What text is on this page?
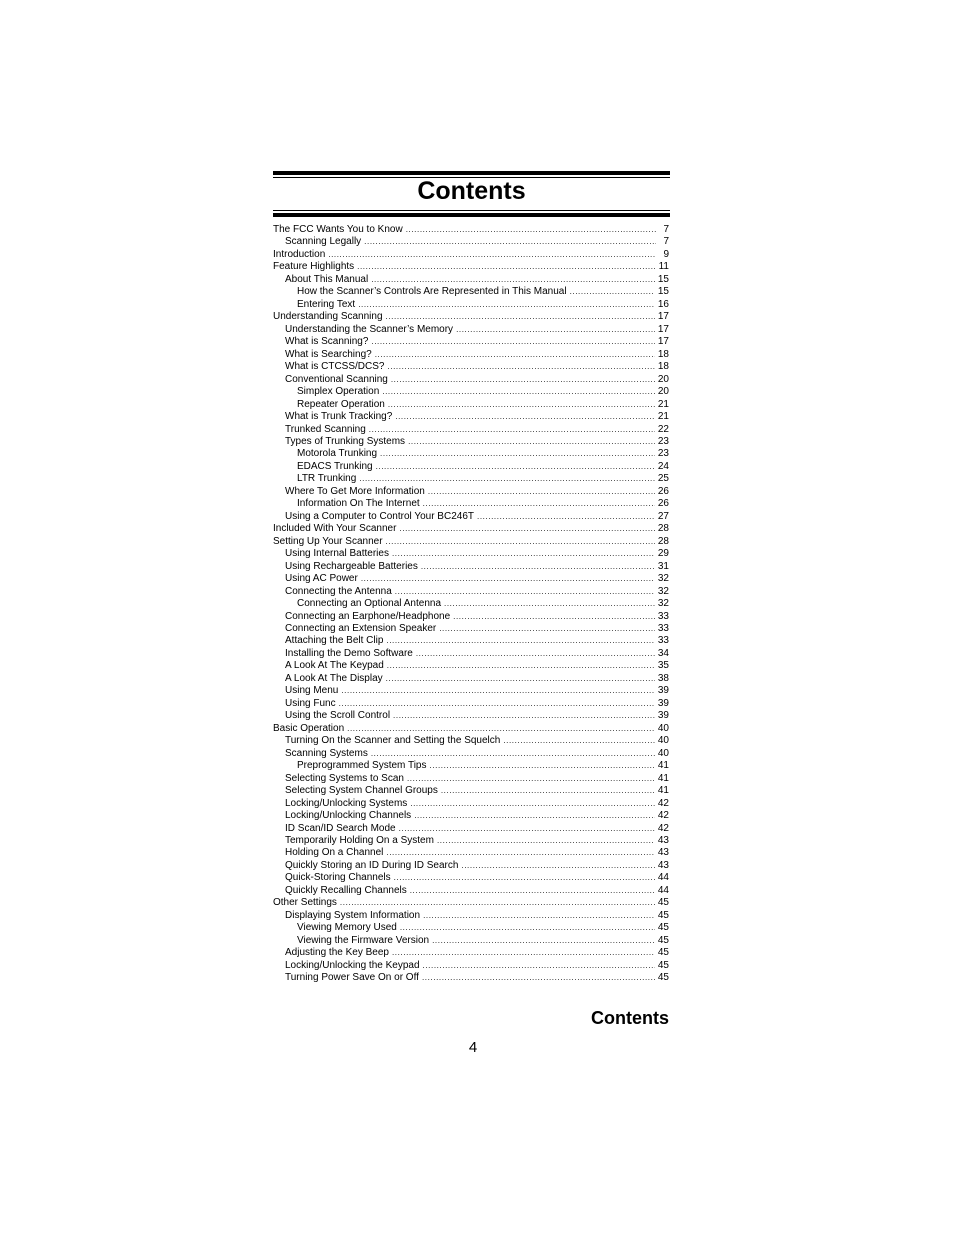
Contents
The FCC Wants You to Know .....	7
Scanning Legally .....	7
Introduction .....	9
Feature Highlights .....	11
About This Manual .....	15
How the Scanner’s Controls Are Represented in This Manual .....	15
Entering Text .....	16
Understanding Scanning .....	17
Understanding the Scanner’s Memory .....	17
What is Scanning? .....	17
What is Searching? .....	18
What is CTCSS/DCS? .....	18
Conventional Scanning .....	20
Simplex Operation .....	20
Repeater Operation .....	21
What is Trunk Tracking? .....	21
Trunked Scanning .....	22
Types of Trunking Systems .....	23
Motorola Trunking .....	23
EDACS Trunking .....	24
LTR Trunking .....	25
Where To Get More Information .....	26
Information On The Internet .....	26
Using a Computer to Control Your BC246T .....	27
Included With Your Scanner .....	28
Setting Up Your Scanner .....	28
Using Internal Batteries .....	29
Using Rechargeable Batteries .....	31
Using AC Power .....	32
Connecting the Antenna .....	32
Connecting an Optional Antenna .....	32
Connecting an Earphone/Headphone .....	33
Connecting an Extension Speaker .....	33
Attaching the Belt Clip .....	33
Installing the Demo Software .....	34
A Look At The Keypad .....	35
A Look At The Display .....	38
Using Menu .....	39
Using Func .....	39
Using the Scroll Control .....	39
Basic Operation .....	40
Turning On the Scanner and Setting the Squelch .....	40
Scanning Systems .....	40
Preprogrammed System Tips .....	41
Selecting Systems to Scan .....	41
Selecting System Channel Groups .....	41
Locking/Unlocking Systems .....	42
Locking/Unlocking Channels .....	42
ID Scan/ID Search Mode .....	42
Temporarily Holding On a System .....	43
Holding On a Channel .....	43
Quickly Storing an ID During ID Search .....	43
Quick-Storing Channels .....	44
Quickly Recalling Channels .....	44
Other Settings .....	45
Displaying System Information .....	45
Viewing Memory Used .....	45
Viewing the Firmware Version .....	45
Adjusting the Key Beep .....	45
Locking/Unlocking the Keypad .....	45
Turning Power Save On or Off .....	45
Contents
4
